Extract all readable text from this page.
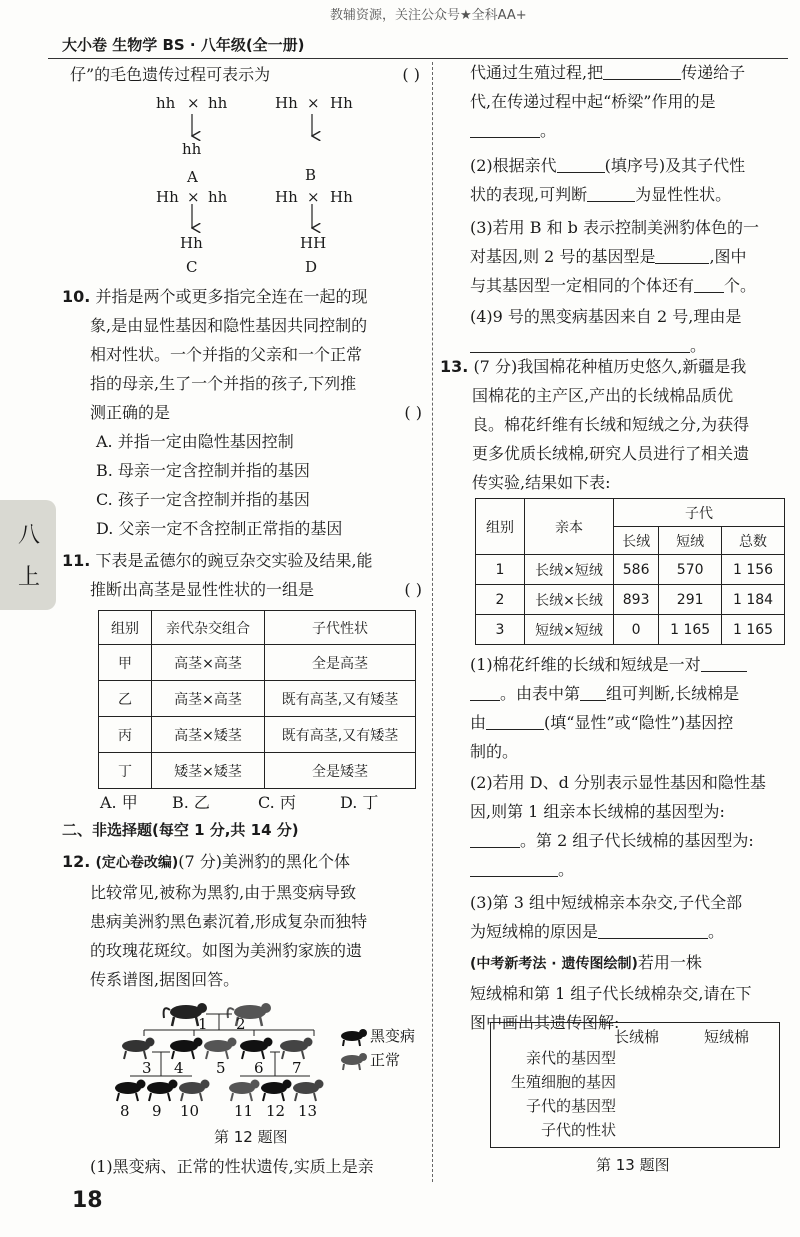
教辅资源，关注公众号★全科AA+
大小卷 生物学 BS · 八年级(全一册)
八
上

仔”的毛色遗传过程可表示为	( )

hh × hh
hh
A
Hh × Hh
B
Hh × hh
Hh
C
Hh × Hh
HH
D

10. 并指是两个或更多指完全连在一起的现

象,是由显性基因和隐性基因共同控制的

相对性状。一个并指的父亲和一个正常

指的母亲,生了一个并指的孩子,下列推

测正确的是	( )

A. 并指一定由隐性基因控制

B. 母亲一定含控制并指的基因

C. 孩子一定含控制并指的基因

D. 父亲一定不含控制正常指的基因

11. 下表是孟德尔的豌豆杂交实验及结果,能

推断出高茎是显性性状的一组是	( )

组别	亲代杂交组合	子代性状
甲	高茎×高茎	全是高茎
乙	高茎×高茎	既有高茎,又有矮茎
丙	高茎×矮茎	既有高茎,又有矮茎
丁	矮茎×矮茎	全是矮茎
A. 甲 B. 乙	C. 丙	D. 丁

二、非选择题(每空 1 分,共 14 分)

12. (定心卷改编)(7 分)美洲豹的黑化个体

比较常见,被称为黑豹,由于黑变病导致

患病美洲豹黑色素沉着,形成复杂而独特

的玫瑰花斑纹。如图为美洲豹家族的遗

传系谱图,据图回答。

1 2
3 4 5 6 7
8 9 10 11 12 13
黑变病
正常
第 12 题图

(1)黑变病、正常的性状遗传,实质上是亲

代通过生殖过程,把	传递给子

代,在传递过程中起“桥梁”作用的是

。

(2)根据亲代	(填序号)及其子代性

状的表现,可判断	为显性性状。

(3)若用 B 和 b 表示控制美洲豹体色的一

对基因,则 2 号的基因型是	,图中

与其基因型一定相同的个体还有 个。

(4)9 号的黑变病基因来自 2 号,理由是

。

13. (7 分)我国棉花种植历史悠久,新疆是我

国棉花的主产区,产出的长绒棉品质优

良。棉花纤维有长绒和短绒之分,为获得

更多优质长绒棉,研究人员进行了相关遗

传实验,结果如下表:

组别	亲本	子代		
		长绒	短绒	总数
1	长绒×短绒	586	570	1 156
2	长绒×长绒	893	291	1 184
3	短绒×短绒	0	1 165	1 165

(1)棉花纤维的长绒和短绒是一对

。由表中第 组可判断,长绒棉是

由	(填“显性”或“隐性”)基因控

制的。

(2)若用 D、d 分别表示显性基因和隐性基

因,则第 1 组亲本长绒棉的基因型为:

。第 2 组子代长绒棉的基因型为:

。

(3)第 3 组中短绒棉亲本杂交,子代全部

为短绒棉的原因是	。

(中考新考法 · 遗传图绘制)若用一株

短绒棉和第 1 组子代长绒棉杂交,请在下

图中画出其遗传图解:

长绒棉	短绒棉

亲代的基因型

生殖细胞的基因

子代的基因型

子代的性状

第 13 题图
18
